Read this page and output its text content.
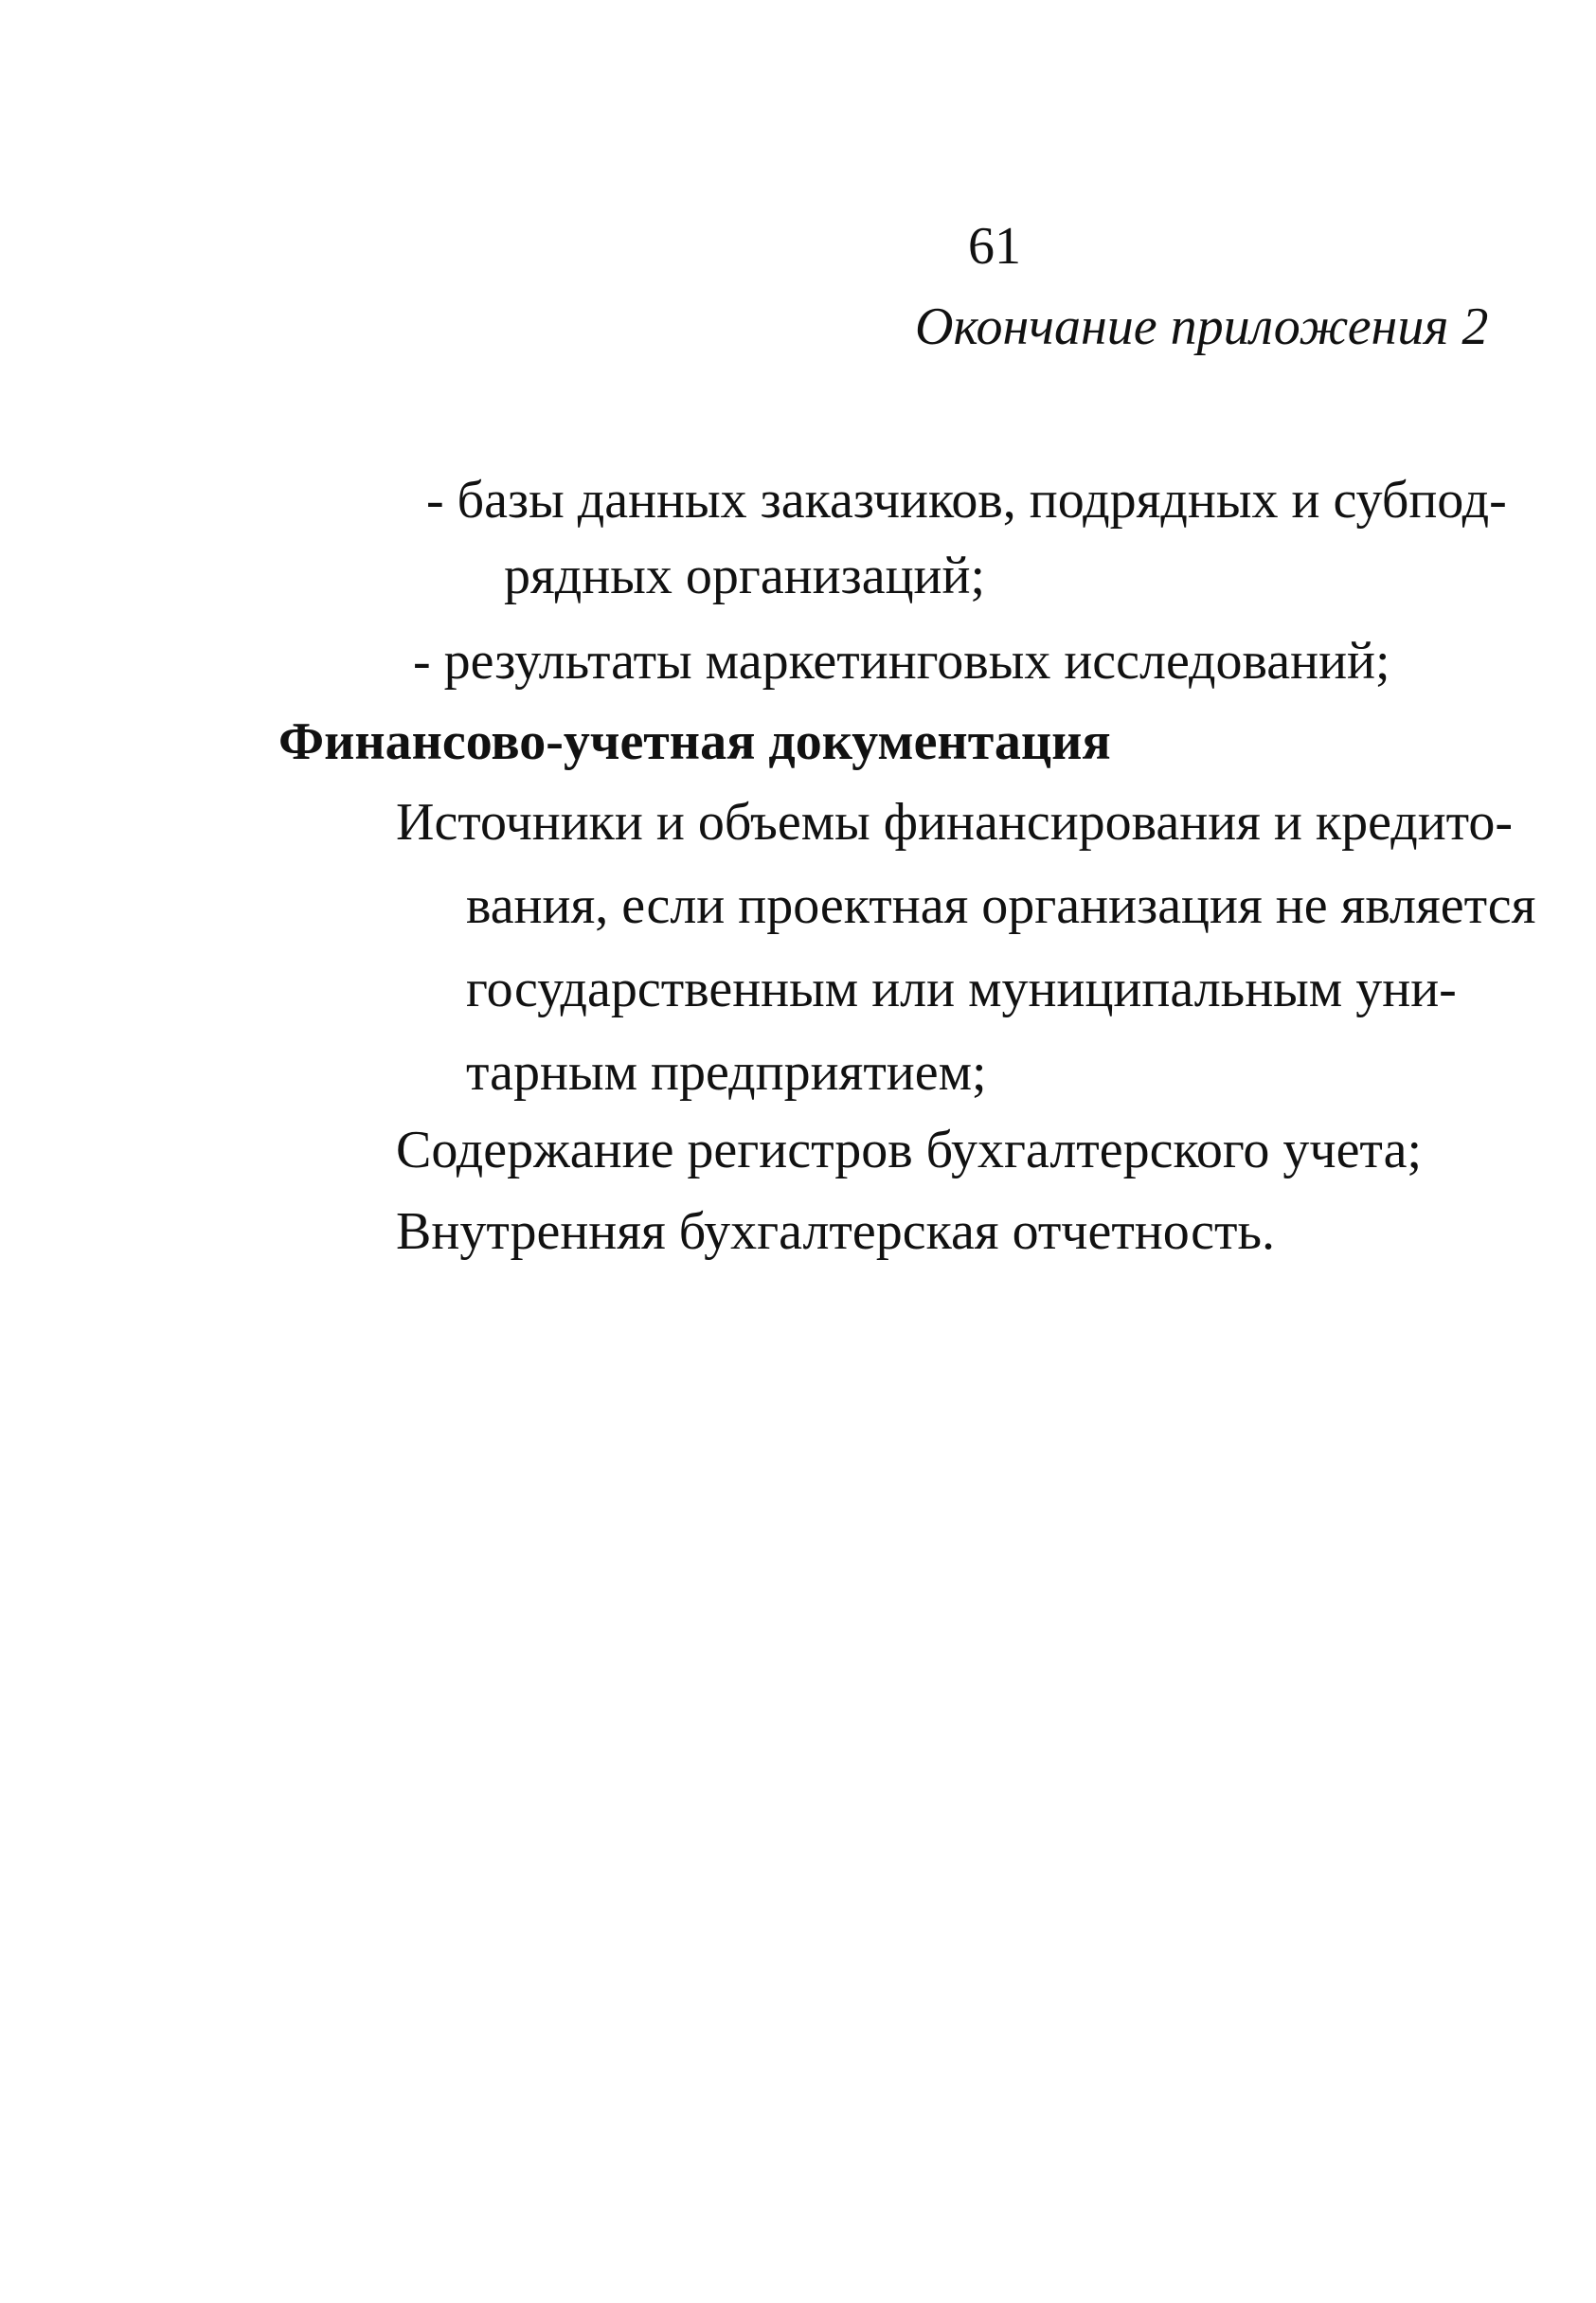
61
Окончание приложения 2
- базы данных заказчиков, подрядных и субпод-
рядных организаций;
- результаты маркетинговых исследований;
Финансово-учетная документация
Источники и объемы финансирования и кредито-
вания, если проектная организация не является
государственным или муниципальным уни-
тарным предприятием;
Содержание регистров бухгалтерского учета;
Внутренняя бухгалтерская отчетность.
